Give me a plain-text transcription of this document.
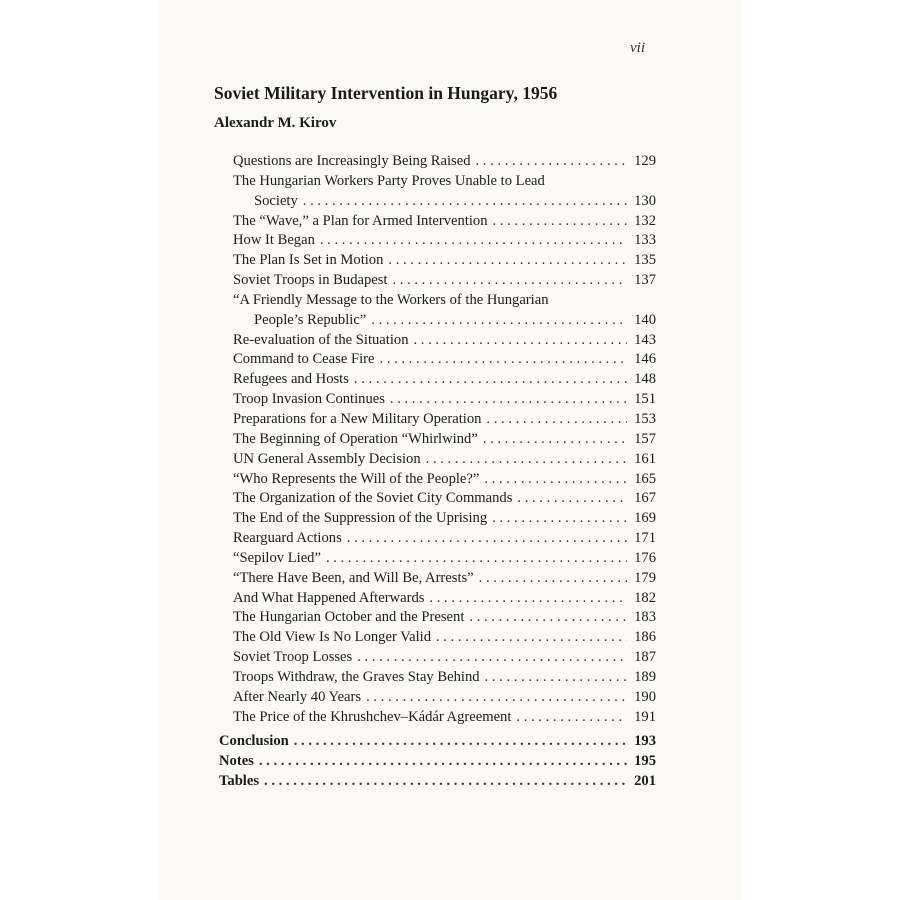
vii
Soviet Military Intervention in Hungary, 1956
Alexandr M. Kirov
Questions are Increasingly Being Raised . . .	129
The Hungarian Workers Party Proves Unable to Lead
Society . . .	130
The “Wave,” a Plan for Armed Intervention . . .	132
How It Began . . .	133
The Plan Is Set in Motion . . .	135
Soviet Troops in Budapest . . .	137
“A Friendly Message to the Workers of the Hungarian
People’s Republic” . . .	140
Re-evaluation of the Situation . . .	143
Command to Cease Fire . . .	146
Refugees and Hosts . . .	148
Troop Invasion Continues . . .	151
Preparations for a New Military Operation . . .	153
The Beginning of Operation “Whirlwind” . . .	157
UN General Assembly Decision . . .	161
“Who Represents the Will of the People?” . . .	165
The Organization of the Soviet City Commands . . .	167
The End of the Suppression of the Uprising . . .	169
Rearguard Actions . . .	171
“Sepilov Lied” . . .	176
“There Have Been, and Will Be, Arrests” . . .	179
And What Happened Afterwards . . .	182
The Hungarian October and the Present . . .	183
The Old View Is No Longer Valid . . .	186
Soviet Troop Losses . . .	187
Troops Withdraw, the Graves Stay Behind . . .	189
After Nearly 40 Years . . .	190
The Price of the Khrushchev–Kádár Agreement . . .	191
Conclusion . . .	193
Notes . . .	195
Tables . . .	201
